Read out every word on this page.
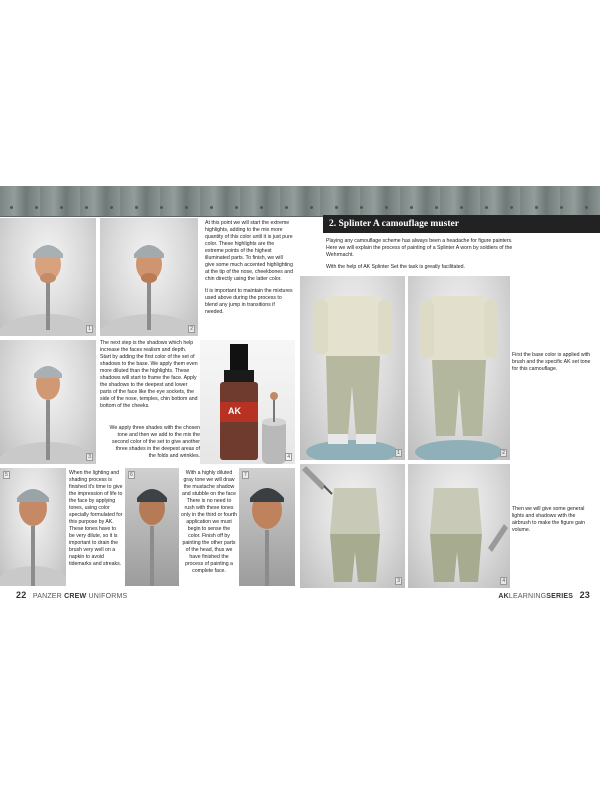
1	2

At this point we will start the extreme highlights, adding to the mix more quantity of this color until it is just pure color. These highlights are the extreme points of the highest illuminated parts. To finish, we will give some much accented highlighting at the tip of the nose, cheekbones and chin directly using the latter color.

It is important to maintain the mixtures used above during the process to blend any jump in transitions if needed.

3

The next step is the shadows which help increase the faces realism and depth. Start by adding the first color of the set of shadows to the base. We apply them even more diluted than the highlights. These shadows will start to frame the face. Apply the shadows to the deepest and lower parts of the face like the eye sockets, the side of the nose, temples, chin bottom and bottom of the cheeks.

We apply three shades with the chosen tone and then we add to the mix the second color of the set to give another three shades in the deepest areas of the folds and wrinkles.

AK
4
5	When the lighting and shading process is finished it's time to give the impression of life to the face by applying tones, using color specially formulated for this purpose by AK. These tones have to be very dilute, so it is important to drain the brush very well on a napkin to avoid tidemarks and streaks.

6	With a highly diluted gray tone we will draw the mustache shadow and stubble on the face There is no need to rush with these tones only in the third or fourth application we must begin to sense the color. Finish off by painting the other parts of the head, thus we have finished the process of painting a complete face.

7
22 PANZER CREW UNIFORMS
2. Splinter A camouflage muster

Playing any camouflage scheme has always been a headache for figure painters. Here we will explain the process of painting of a Splinter A worn by soldiers of the Wehrmacht.

With the help of AK Splinter Set the task is greatly facilitated.

1	2

First the base color is applied with brush and the specific AK set tone for this camouflage.

3	4

Then we will give some general lights and shadows with the airbrush to make the figure gain volume.

AKLEARNINGSERIES 23
